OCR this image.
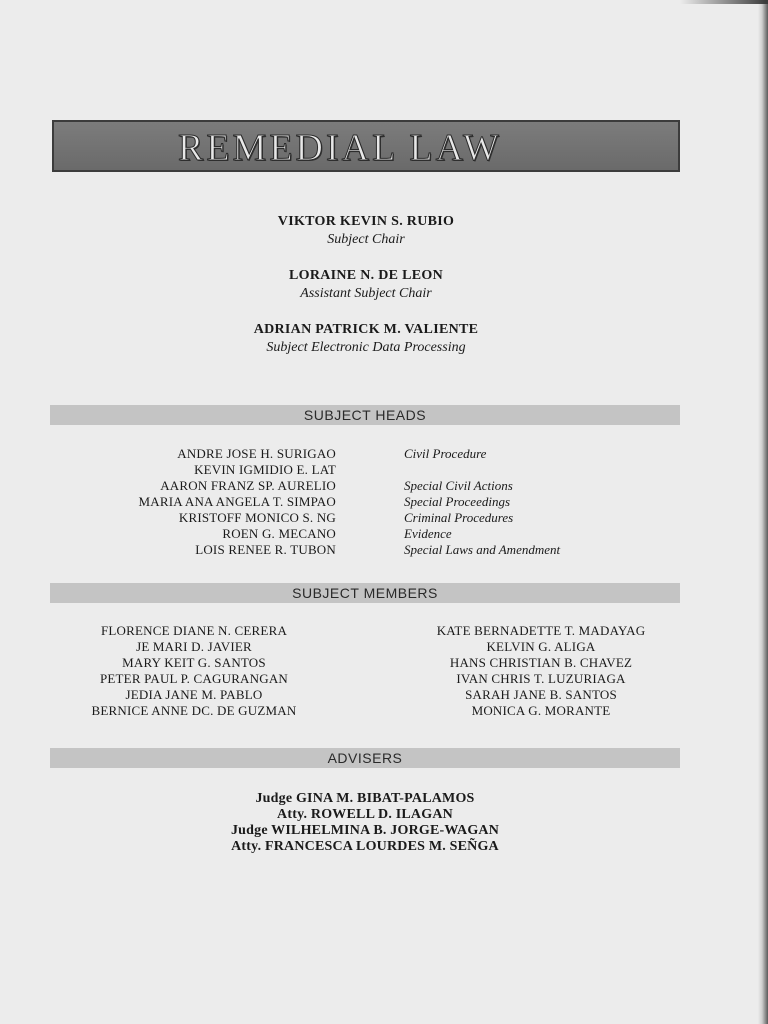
REMEDIAL LAW
VIKTOR KEVIN S. RUBIO
Subject Chair
LORAINE N. DE LEON
Assistant Subject Chair
ADRIAN PATRICK M. VALIENTE
Subject Electronic Data Processing
SUBJECT HEADS
ANDRE JOSE H. SURIGAO	Civil Procedure
KEVIN IGMIDIO E. LAT
AARON FRANZ SP. AURELIO	Special Civil Actions
MARIA ANA ANGELA T. SIMPAO	Special Proceedings
KRISTOFF MONICO S. NG	Criminal Procedures
ROEN G. MECANO	Evidence
LOIS RENEE R. TUBON	Special Laws and Amendment
SUBJECT MEMBERS
FLORENCE DIANE N. CERERA
JE MARI D. JAVIER
MARY KEIT G. SANTOS
PETER PAUL P. CAGURANGAN
JEDIA JANE M. PABLO
BERNICE ANNE DC. DE GUZMAN
KATE BERNADETTE T. MADAYAG
KELVIN G. ALIGA
HANS CHRISTIAN B. CHAVEZ
IVAN CHRIS T. LUZURIAGA
SARAH JANE B. SANTOS
MONICA G. MORANTE
ADVISERS
Judge GINA M. BIBAT-PALAMOS
Atty. ROWELL D. ILAGAN
Judge WILHELMINA B. JORGE-WAGAN
Atty. FRANCESCA LOURDES M. SEÑGA
